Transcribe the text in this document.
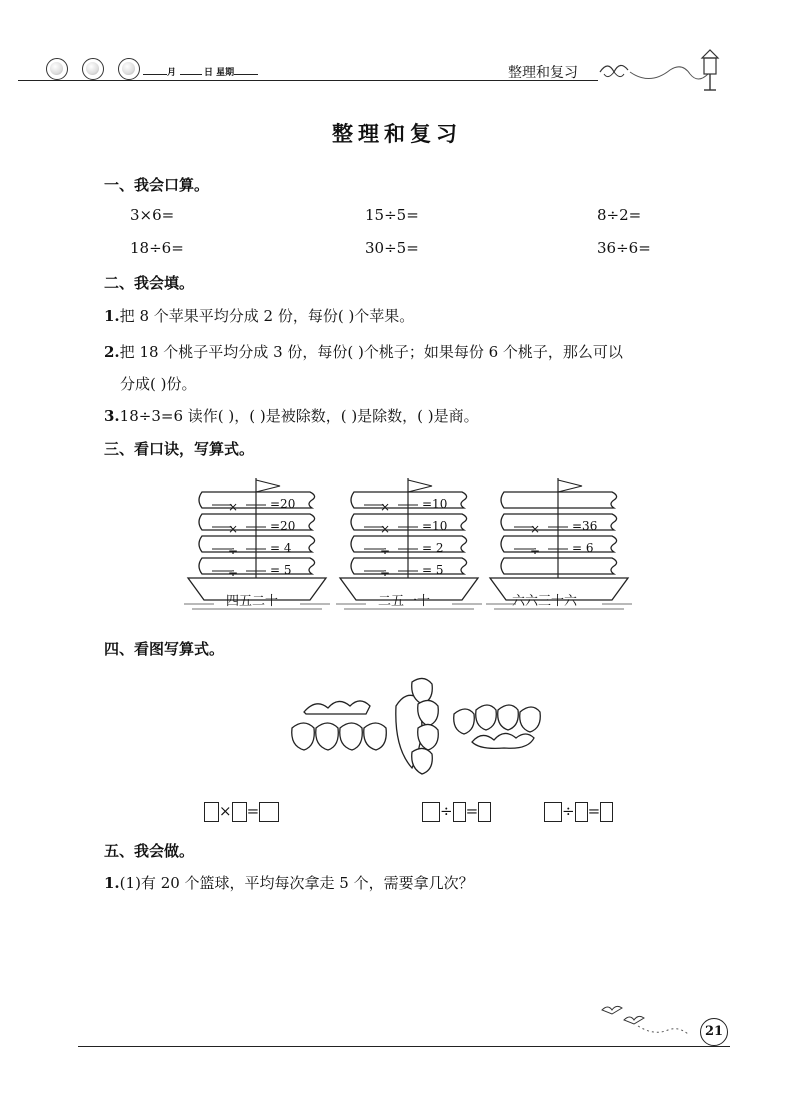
月	日 星期	整理和复习
整理和复习
一、我会口算。
3×6=	15÷5=	8÷2=
18÷6=	30÷5=	36÷6=
二、我会填。
1.把 8 个苹果平均分成 2 份，每份( )个苹果。
2.把 18 个桃子平均分成 3 份，每份( )个桃子；如果每份 6 个桃子，那么可以
分成( )份。
3.18÷3=6 读作( )，( )是被除数，( )是除数，( )是商。
三、看口诀，写算式。
×	=20
×	=20
÷	= 4
÷	= 5
四五二十
×	=10
×	=10
÷	= 2
÷	= 5
二五一十
×	=36
÷	= 6
六六三十六
四、看图写算式。
× =	÷ =	÷ =
五、我会做。
1.(1)有 20 个篮球，平均每次拿走 5 个，需要拿几次？
21
